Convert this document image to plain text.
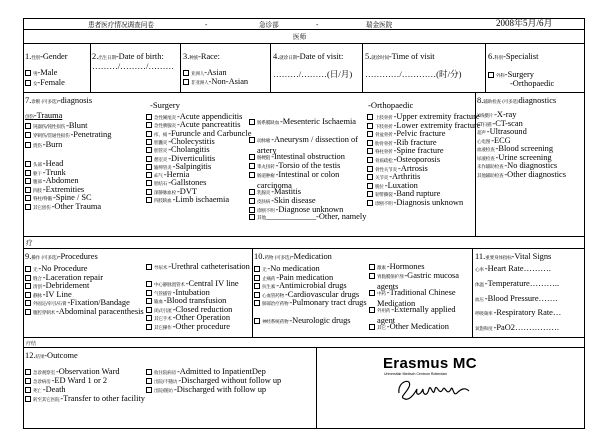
患者医疗情况调查问卷	-	急诊部	-	瑞金医院	2008年5月/6月
医师
1. 性别 -Gender
男 -Male
女 -Female
2. 出生日期 -Date of birth:
………/………/………
3. 种族 -Race:
亚洲人 -Asian
非亚洲人 -Non-Asian
4. 就诊日期 -Date of visit:
………/………(日/月)
5. 就诊时间 -Time of visit
…………/…………(时/分)
6. 科别 -Specialist
外科 -Surgery
-Orthopaedic
7. 诊断 (可多选) -diagnosis
创伤 -Trauma
钝器伤/钝性损伤-Blunt
穿刺伤/贯通性损伤-Penetrating
烧伤-Burn
头部-Head
躯干-Trunk
腹部-Abdomen
四肢-Extremities
脊柱/脊髓-Spine / SC
其它创伤-Other Trauma
-Surgery
急性阑尾炎-Acute appendicitis
急性胰腺炎-Acute pancreatitis
疖、痈-Furuncle and Carbuncle
胆囊炎-Cholecystitis
胆管炎-Cholangitis
憩室炎-Diverticulitis
输卵管炎-Salpingitis
疝气-Hernia
胆结石-Gallstones
深静脉血栓-DVT
四肢缺血-Limb ischaemia
肠系膜缺血-Mesenteric Ischaemia
动脉瘤-Aneurysm / dissection of artery
肠梗阻-Intestinal obstruction
睾丸扭转-Torsio of the testis
肠道肿瘤-Intestinal or colon carcinoma
乳腺炎-Mastitis
皮肤病-Skin disease
诊断不明-Diagnose unknown
其他 ____________ -Other, namely
-Orthopaedic
上肢骨折-Upper extremity fracture
下肢骨折-Lower extremity fracture
骨盆骨折-Pelvic fracture
肋骨骨折-Rib fracture
脊柱骨折-Spine fracture
骨质疏松-Osteoporosis
骨性关节炎-Artrosis
关节炎-Arthritis
脱位-Luxation
韧带撕裂-Band rupture
诊断不明-Diagnosis unknown
8. 辅助检查 (可多选) diagnostics
X线摄片-X-ray
CT扫描-CT-scan
超声-Ultrasound
心电图-ECG
血液检查-Blood screening
尿液检查-Urine screening
未作辅助检查-No diagnostics
其他辅助检查-Other diagnostics
疗
9. 操作 (可多选) -Procedures
无-No Procedure
缝合-Laceration repair
清创-Debridement
静脉-IV Line
外固定/牵引/石膏-Fixation/Bandage
腹腔穿刺术-Abdominal paracenthesis
导尿术-Urethral catheterisation
中心静脉置管术-Central IV line
气管插管-Intubation
输血-Blood transfusion
闭式引流-Closed reduction
其它手术-Other Operation
其它操作-Other procedure
10. 药物 (可多选) -Medication
无-No medication
止痛药-Pain medication
抗生素-Antimicrobial drugs
心血管药物-Cardiovascular drugs
肺部治疗药物-Pulmonary tract drugs
神经系统药物-Neurologic drugs
激素-Hormones
胃黏膜保护剂-Gastric mucosa agents
中药-Traditional Chinese Medication
外用药-Externally applied agent
其它-Other Medication
11. 重要身体指标 -Vital Signs
心率-Heart Rate……….
体温-Temperature………..
血压-Blood Pressure…….
呼吸频率-Respiratory Rate…
氧饱和度-PaO2…………….
疗结
12. 结果 -Outcome
急诊观察室-Observation Ward
急诊病房-ED Ward 1 or 2
死亡-Death
转至其它医院-Transfer to other facility
收住院病房-Admitted to InpatientDep
出院/不随访-Discharged without follow up
出院/随访-Discharged with follow up
Erasmus MC
Universitair Medisch Centrum Rotterdam
